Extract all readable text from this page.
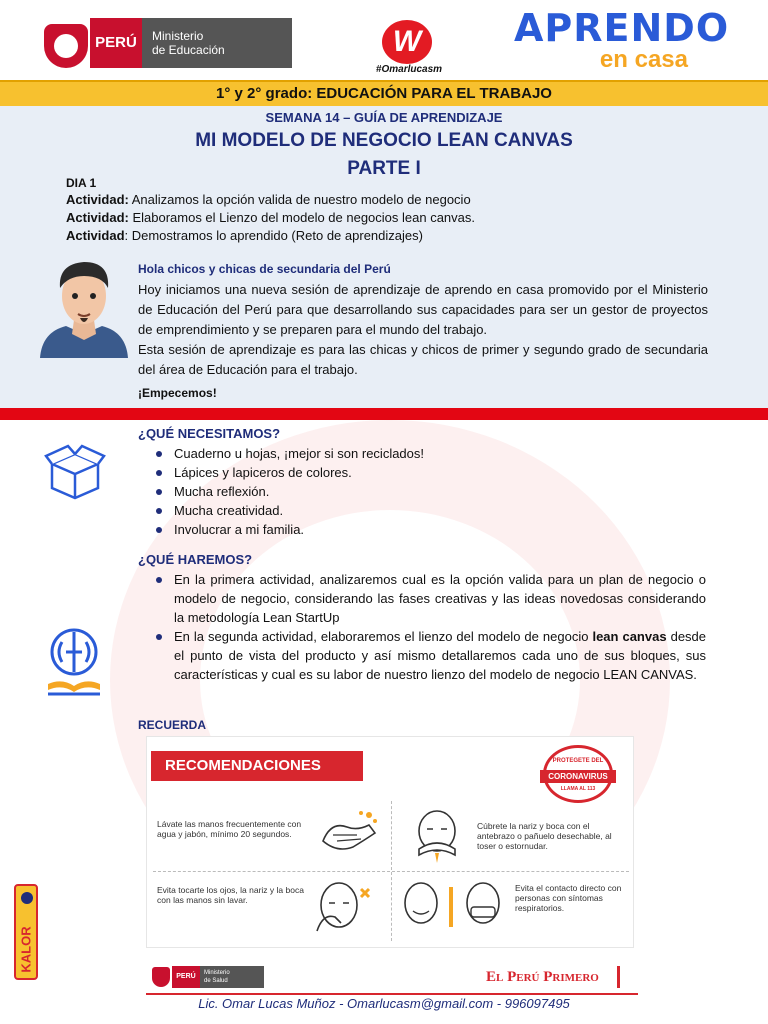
PERÚ	Ministerio
de Educación	W
#Omarlucasm
APRENDO
en casa
1° y 2° grado: EDUCACIÓN PARA EL TRABAJO
SEMANA 14 – GUÍA DE APRENDIZAJE
MI MODELO DE NEGOCIO LEAN CANVAS
PARTE I
DIA 1
Actividad: Analizamos la opción valida de nuestro modelo de negocio
Actividad: Elaboramos el Lienzo del modelo de negocios lean canvas.
Actividad: Demostramos lo aprendido (Reto de aprendizajes)
Hola chicos y chicas de secundaria del Perú
Hoy iniciamos una nueva sesión de aprendizaje de aprendo en casa promovido por el Ministerio de Educación del Perú para que desarrollando sus capacidades para ser un gestor de proyectos de emprendimiento y se preparen para el mundo del trabajo.
Esta sesión de aprendizaje es para las chicas y chicos de primer y segundo grado de secundaria del área de Educación para el trabajo.
¡Empecemos!
¿QUÉ NECESITAMOS?
Cuaderno u hojas, ¡mejor si son reciclados!
Lápices y lapiceros de colores.
Mucha reflexión.
Mucha creatividad.
Involucrar a mi familia.
¿QUÉ HAREMOS?
En la primera actividad, analizaremos cual es la opción valida para un plan de negocio o modelo de negocio, considerando las fases creativas y las ideas novedosas considerando la metodología Lean StartUp
En la segunda actividad, elaboraremos el lienzo del modelo de negocio lean canvas desde el punto de vista del producto y así mismo detallaremos cada uno de sus bloques, sus características y cual es su labor de nuestro lienzo del modelo de negocio LEAN CANVAS.
RECUERDA
RECOMENDACIONES	PROTEGETE DEL
CORONAVIRUS
LLAMA AL 113
Lávate las manos frecuentemente con agua y jabón, mínimo 20 segundos.
Cúbrete la nariz y boca con el antebrazo o pañuelo desechable, al toser o estornudar.
Evita tocarte los ojos, la nariz y la boca con las manos sin lavar.
Evita el contacto directo con personas con síntomas respiratorios.
PERÚ	Ministerio
de Salud	El Perú Primero
KALOR
Lic. Omar Lucas Muñoz - Omarlucasm@gmail.com - 996097495
